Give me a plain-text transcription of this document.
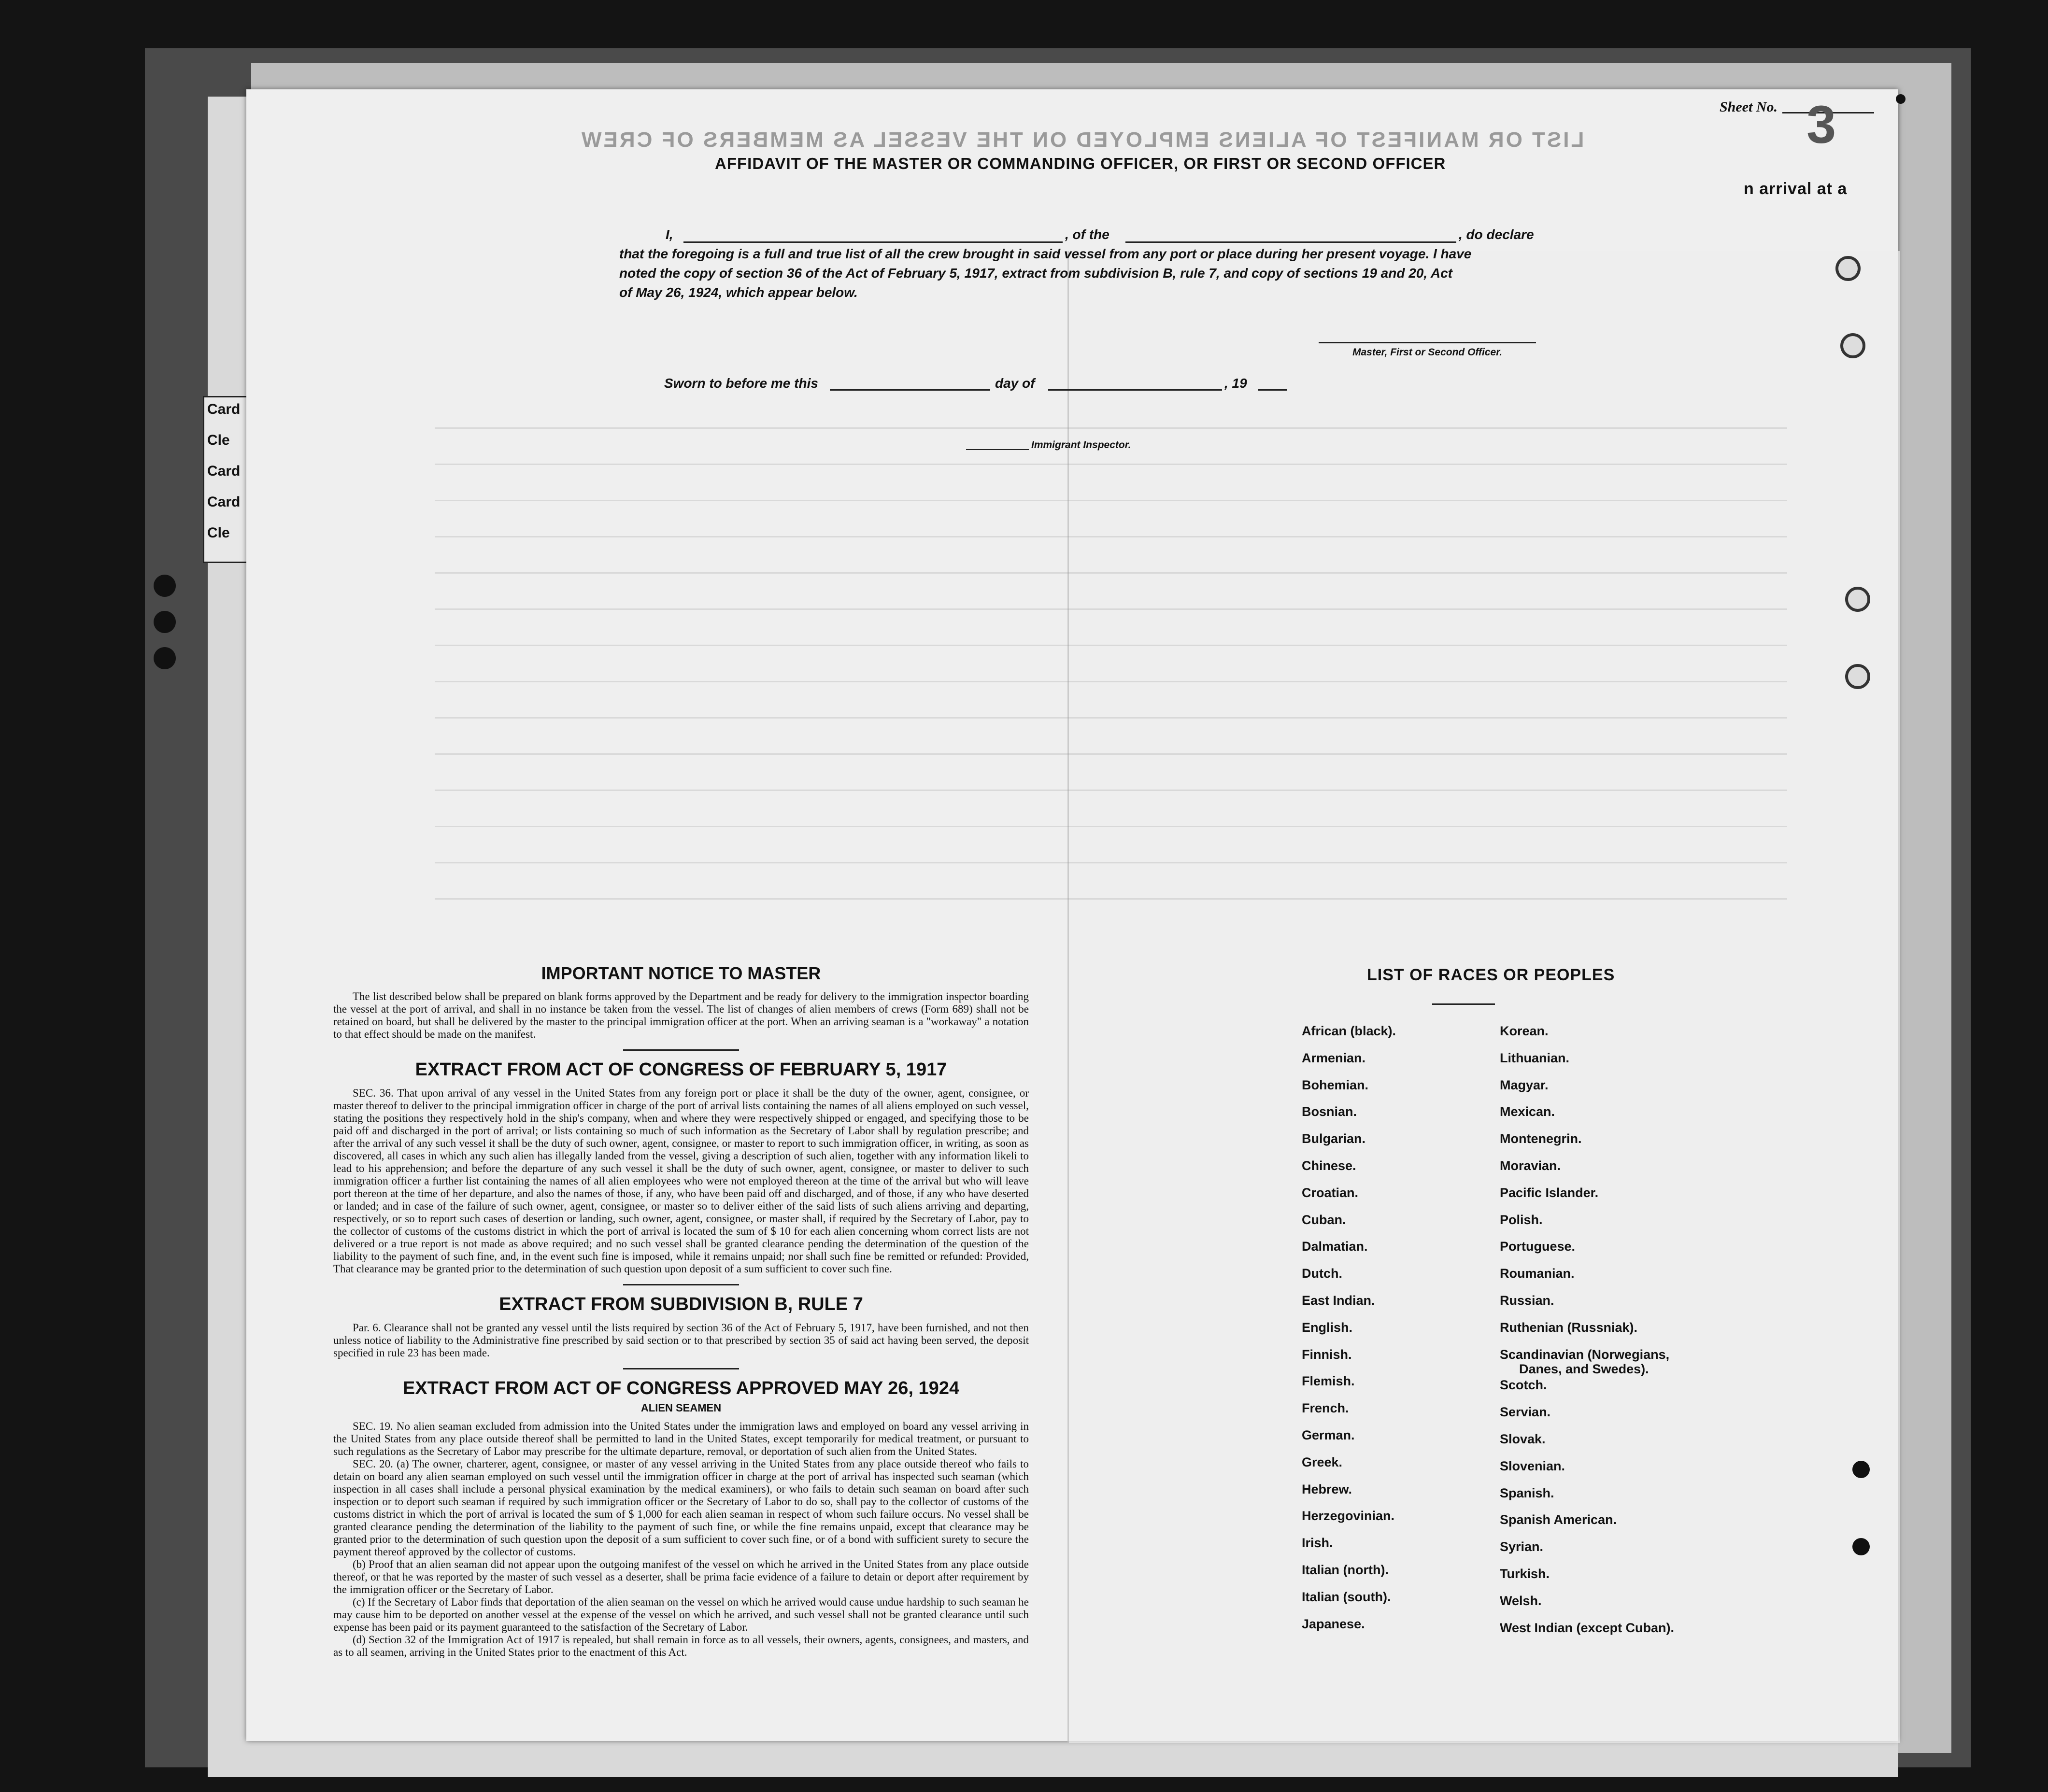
Card
Cle
Card
Card
Cle
LIST OR MANIFEST OF ALIENS EMPLOYED ON THE VESSEL AS MEMBERS OF CREW
Sheet No. 3
n arrival at a
AFFIDAVIT OF THE MASTER OR COMMANDING OFFICER, OR FIRST OR SECOND OFFICER
I,	, of the	, do declare
that the foregoing is a full and true list of all the crew brought in said vessel from any port or place during her present voyage. I have
noted the copy of section 36 of the Act of February 5, 1917, extract from subdivision B, rule 7, and copy of sections 19 and 20, Act
of May 26, 1924, which appear below.
Master, First or Second Officer.
Sworn to before me this	day of	, 19
Immigrant Inspector.

IMPORTANT NOTICE TO MASTER

The list described below shall be prepared on blank forms approved by the Department and be ready for delivery to the immigration inspector boarding the vessel at the port of arrival, and shall in no instance be taken from the vessel. The list of changes of alien members of crews (Form 689) shall not be retained on board, but shall be delivered by the master to the principal immigration officer at the port. When an arriving seaman is a "workaway" a notation to that effect should be made on the manifest.

EXTRACT FROM ACT OF CONGRESS OF FEBRUARY 5, 1917

SEC. 36. That upon arrival of any vessel in the United States from any foreign port or place it shall be the duty of the owner, agent, consignee, or master thereof to deliver to the principal immigration officer in charge of the port of arrival lists containing the names of all aliens employed on such vessel, stating the positions they respectively hold in the ship's company, when and where they were respectively shipped or engaged, and specifying those to be paid off and discharged in the port of arrival; or lists containing so much of such information as the Secretary of Labor shall by regulation prescribe; and after the arrival of any such vessel it shall be the duty of such owner, agent, consignee, or master to report to such immigration officer, in writing, as soon as discovered, all cases in which any such alien has illegally landed from the vessel, giving a description of such alien, together with any information likeli to lead to his apprehension; and before the departure of any such vessel it shall be the duty of such owner, agent, consignee, or master to deliver to such immigration officer a further list containing the names of all alien employees who were not employed thereon at the time of the arrival but who will leave port thereon at the time of her departure, and also the names of those, if any, who have been paid off and discharged, and of those, if any who have deserted or landed; and in case of the failure of such owner, agent, consignee, or master so to deliver either of the said lists of such aliens arriving and departing, respectively, or so to report such cases of desertion or landing, such owner, agent, consignee, or master shall, if required by the Secretary of Labor, pay to the collector of customs of the customs district in which the port of arrival is located the sum of $ 10 for each alien concerning whom correct lists are not delivered or a true report is not made as above required; and no such vessel shall be granted clearance pending the determination of the question of the liability to the payment of such fine, and, in the event such fine is imposed, while it remains unpaid; nor shall such fine be remitted or refunded: Provided, That clearance may be granted prior to the determination of such question upon deposit of a sum sufficient to cover such fine.

EXTRACT FROM SUBDIVISION B, RULE 7

Par. 6. Clearance shall not be granted any vessel until the lists required by section 36 of the Act of February 5, 1917, have been furnished, and not then unless notice of liability to the Administrative fine prescribed by said section or to that prescribed by section 35 of said act having been served, the deposit specified in rule 23 has been made.

EXTRACT FROM ACT OF CONGRESS APPROVED MAY 26, 1924

ALIEN SEAMEN

SEC. 19. No alien seaman excluded from admission into the United States under the immigration laws and employed on board any vessel arriving in the United States from any place outside thereof shall be permitted to land in the United States, except temporarily for medical treatment, or pursuant to such regulations as the Secretary of Labor may prescribe for the ultimate departure, removal, or deportation of such alien from the United States.

SEC. 20. (a) The owner, charterer, agent, consignee, or master of any vessel arriving in the United States from any place outside thereof who fails to detain on board any alien seaman employed on such vessel until the immigration officer in charge at the port of arrival has inspected such seaman (which inspection in all cases shall include a personal physical examination by the medical examiners), or who fails to detain such seaman on board after such inspection or to deport such seaman if required by such immigration officer or the Secretary of Labor to do so, shall pay to the collector of customs of the customs district in which the port of arrival is located the sum of $ 1,000 for each alien seaman in respect of whom such failure occurs. No vessel shall be granted clearance pending the determination of the liability to the payment of such fine, or while the fine remains unpaid, except that clearance may be granted prior to the determination of such question upon the deposit of a sum sufficient to cover such fine, or of a bond with sufficient surety to secure the payment thereof approved by the collector of customs.

(b) Proof that an alien seaman did not appear upon the outgoing manifest of the vessel on which he arrived in the United States from any place outside thereof, or that he was reported by the master of such vessel as a deserter, shall be prima facie evidence of a failure to detain or deport after requirement by the immigration officer or the Secretary of Labor.

(c) If the Secretary of Labor finds that deportation of the alien seaman on the vessel on which he arrived would cause undue hardship to such seaman he may cause him to be deported on another vessel at the expense of the vessel on which he arrived, and such vessel shall not be granted clearance until such expense has been paid or its payment guaranteed to the satisfaction of the Secretary of Labor.

(d) Section 32 of the Immigration Act of 1917 is repealed, but shall remain in force as to all vessels, their owners, agents, consignees, and masters, and as to all seamen, arriving in the United States prior to the enactment of this Act.

LIST OF RACES OR PEOPLES
African (black).
Armenian.
Bohemian.
Bosnian.
Bulgarian.
Chinese.
Croatian.
Cuban.
Dalmatian.
Dutch.
East Indian.
English.
Finnish.
Flemish.
French.
German.
Greek.
Hebrew.
Herzegovinian.
Irish.
Italian (north).
Italian (south).
Japanese.
Korean.
Lithuanian.
Magyar.
Mexican.
Montenegrin.
Moravian.
Pacific Islander.
Polish.
Portuguese.
Roumanian.
Russian.
Ruthenian (Russniak).
Scandinavian (Norwegians,
Danes, and Swedes).
Scotch.
Servian.
Slovak.
Slovenian.
Spanish.
Spanish American.
Syrian.
Turkish.
Welsh.
West Indian (except Cuban).
